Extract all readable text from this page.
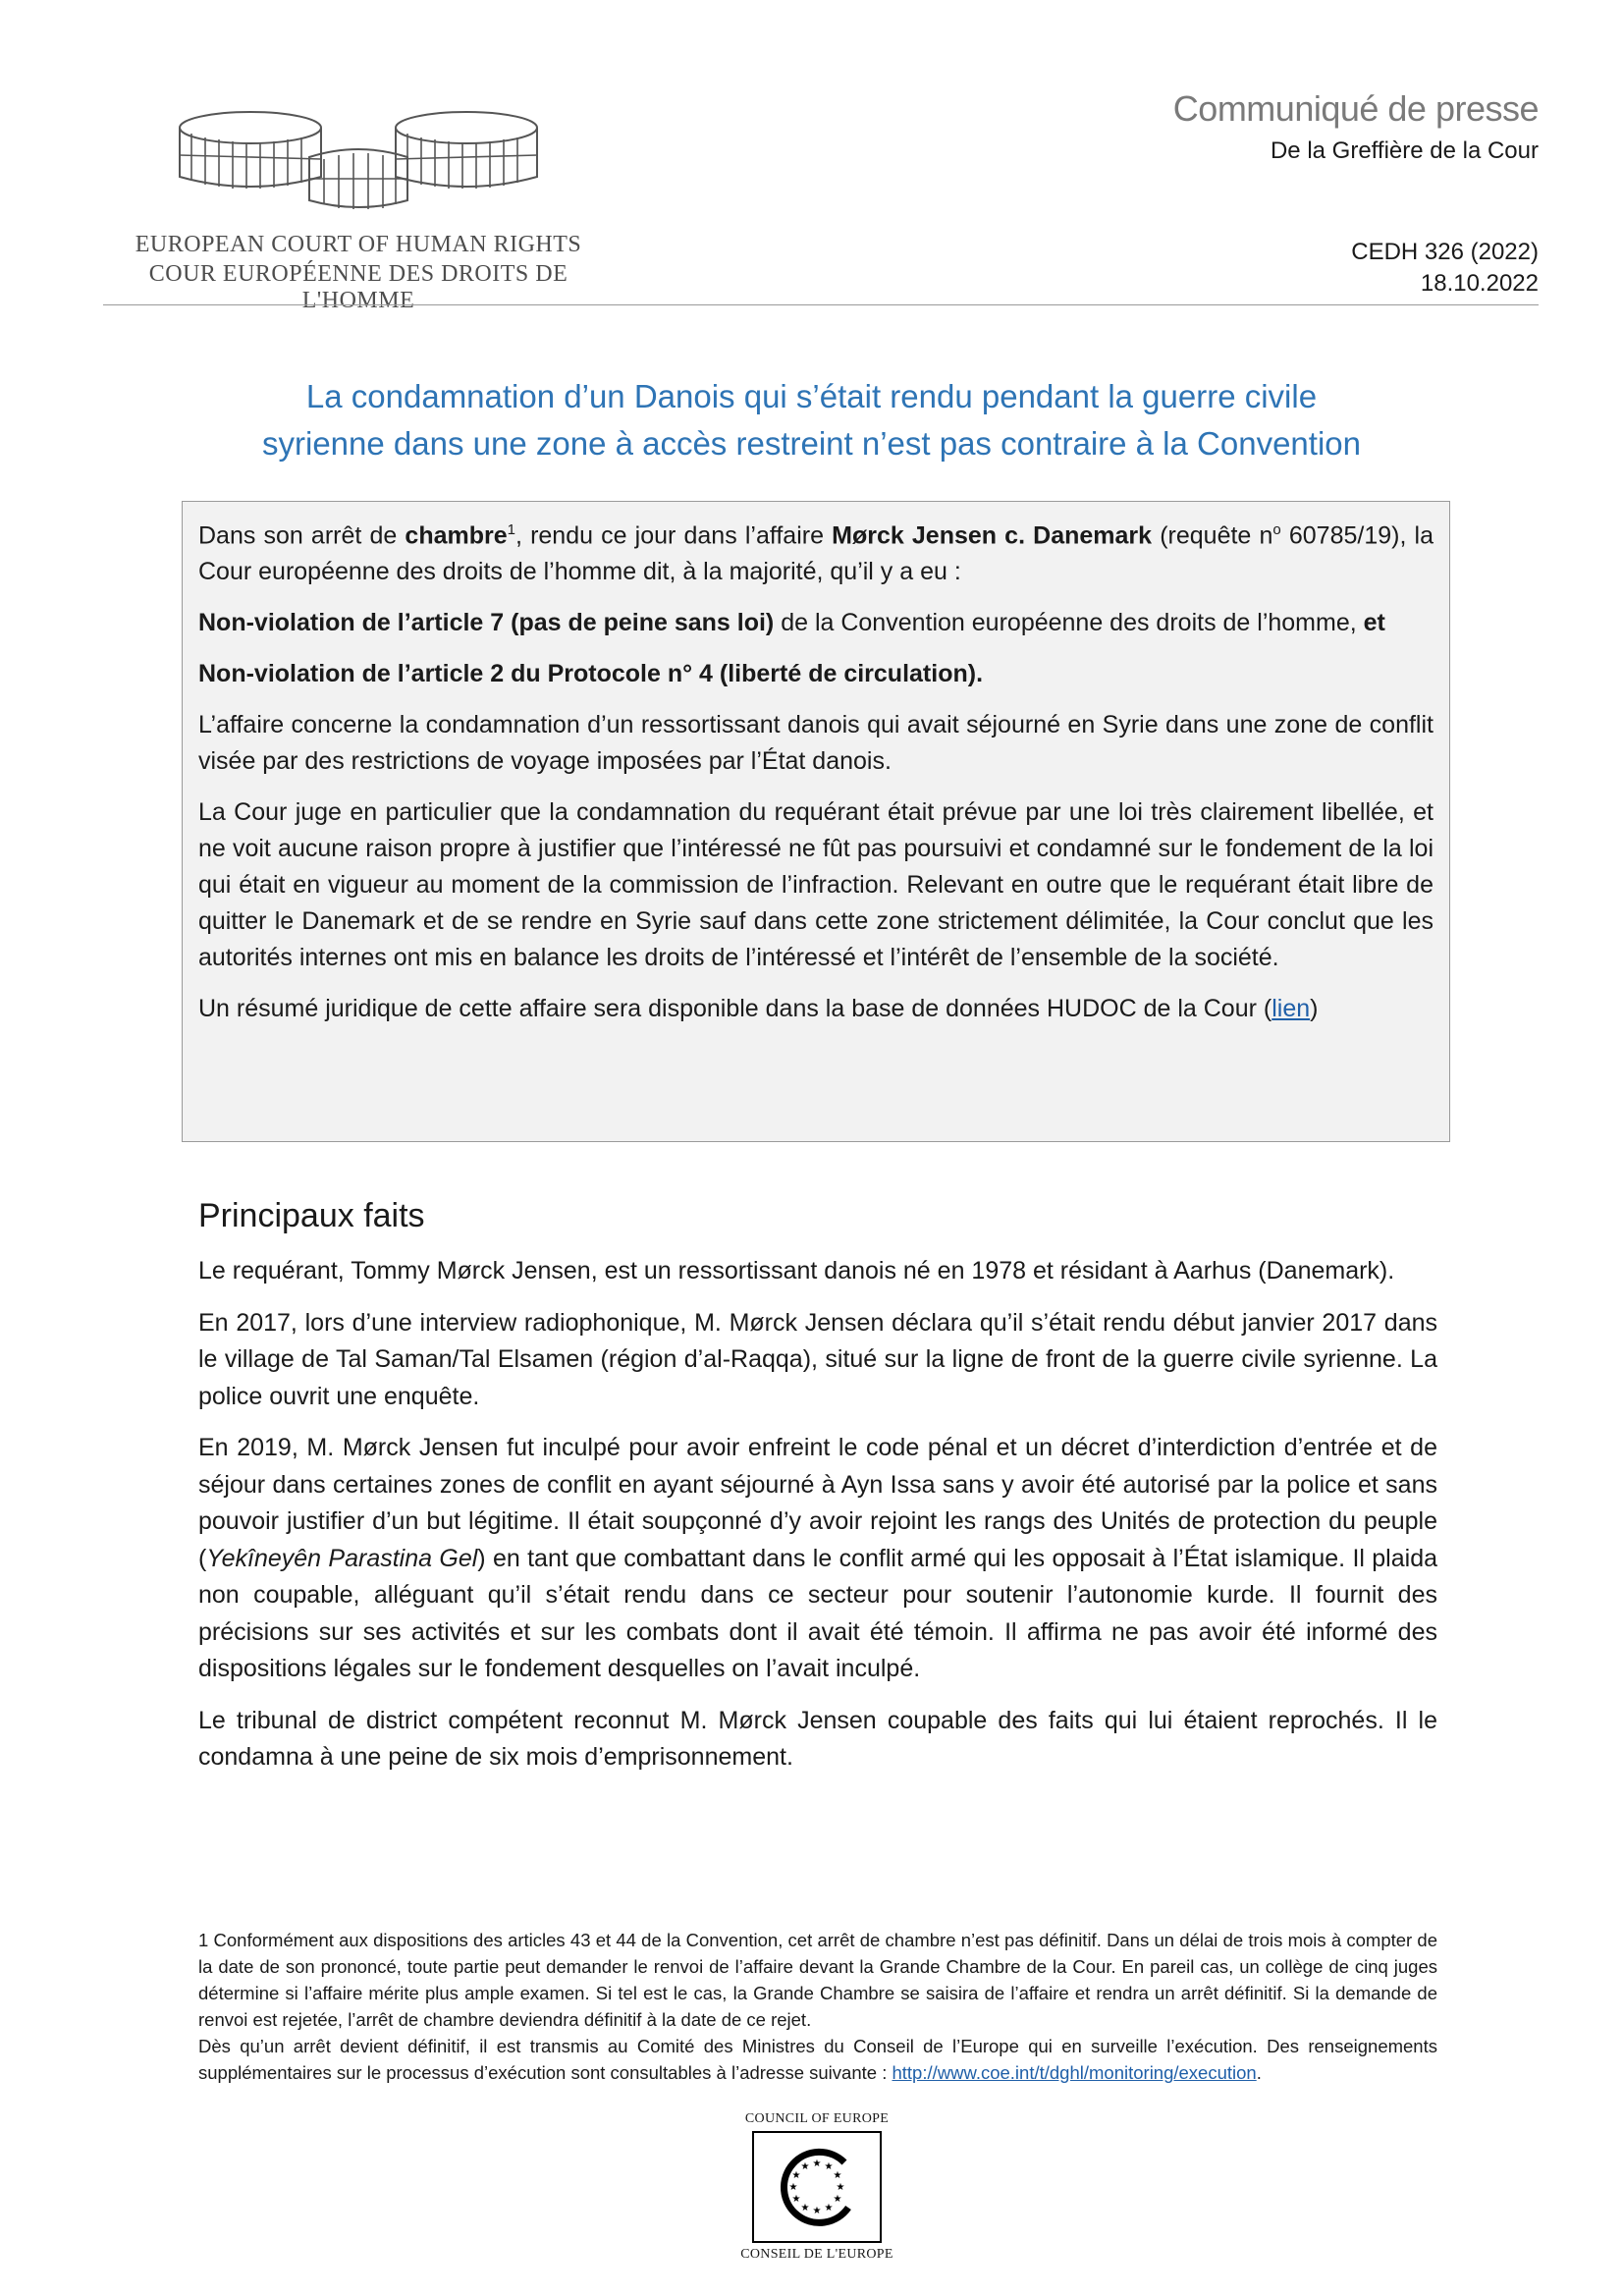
EUROPEAN COURT OF HUMAN RIGHTS
COUR EUROPÉENNE DES DROITS DE L'HOMME
Communiqué de presse
De la Greffière de la Cour
CEDH 326 (2022)
18.10.2022
La condamnation d’un Danois qui s’était rendu pendant la guerre civile
syrienne dans une zone à accès restreint n’est pas contraire à la Convention

Dans son arrêt de chambre$^1$, rendu ce jour dans l’affaire Mørck Jensen c. Danemark (requête $n^o$ 60785/19), la Cour européenne des droits de l’homme dit, à la majorité, qu’il y a eu :

Non-violation de l’article 7 (pas de peine sans loi) de la Convention européenne des droits de l’homme, et

Non-violation de l’article 2 du Protocole n° 4 (liberté de circulation).

L’affaire concerne la condamnation d’un ressortissant danois qui avait séjourné en Syrie dans une zone de conflit visée par des restrictions de voyage imposées par l’État danois.

La Cour juge en particulier que la condamnation du requérant était prévue par une loi très clairement libellée, et ne voit aucune raison propre à justifier que l’intéressé ne fût pas poursuivi et condamné sur le fondement de la loi qui était en vigueur au moment de la commission de l’infraction. Relevant en outre que le requérant était libre de quitter le Danemark et de se rendre en Syrie sauf dans cette zone strictement délimitée, la Cour conclut que les autorités internes ont mis en balance les droits de l’intéressé et l’intérêt de l’ensemble de la société.

Un résumé juridique de cette affaire sera disponible dans la base de données HUDOC de la Cour (lien)

Principaux faits

Le requérant, Tommy Mørck Jensen, est un ressortissant danois né en 1978 et résidant à Aarhus (Danemark).

En 2017, lors d’une interview radiophonique, M. Mørck Jensen déclara qu’il s’était rendu début janvier 2017 dans le village de Tal Saman/Tal Elsamen (région d’al-Raqqa), situé sur la ligne de front de la guerre civile syrienne. La police ouvrit une enquête.

En 2019, M. Mørck Jensen fut inculpé pour avoir enfreint le code pénal et un décret d’interdiction d’entrée et de séjour dans certaines zones de conflit en ayant séjourné à Ayn Issa sans y avoir été autorisé par la police et sans pouvoir justifier d’un but légitime. Il était soupçonné d’y avoir rejoint les rangs des Unités de protection du peuple (Yekîneyên Parastina Gel) en tant que combattant dans le conflit armé qui les opposait à l’État islamique. Il plaida non coupable, alléguant qu’il s’était rendu dans ce secteur pour soutenir l’autonomie kurde. Il fournit des précisions sur ses activités et sur les combats dont il avait été témoin. Il affirma ne pas avoir été informé des dispositions légales sur le fondement desquelles on l’avait inculpé.

Le tribunal de district compétent reconnut M. Mørck Jensen coupable des faits qui lui étaient reprochés. Il le condamna à une peine de six mois d’emprisonnement.

1 Conformément aux dispositions des articles 43 et 44 de la Convention, cet arrêt de chambre n’est pas définitif. Dans un délai de trois mois à compter de la date de son prononcé, toute partie peut demander le renvoi de l’affaire devant la Grande Chambre de la Cour. En pareil cas, un collège de cinq juges détermine si l’affaire mérite plus ample examen. Si tel est le cas, la Grande Chambre se saisira de l’affaire et rendra un arrêt définitif. Si la demande de renvoi est rejetée, l’arrêt de chambre deviendra définitif à la date de ce rejet.

Dès qu’un arrêt devient définitif, il est transmis au Comité des Ministres du Conseil de l’Europe qui en surveille l’exécution. Des renseignements supplémentaires sur le processus d’exécution sont consultables à l’adresse suivante : http://www.coe.int/t/dghl/monitoring/execution.

COUNCIL OF EUROPE
★ ★
★
★
★
★
★
★
★
★
★
★
CONSEIL DE L'EUROPE
